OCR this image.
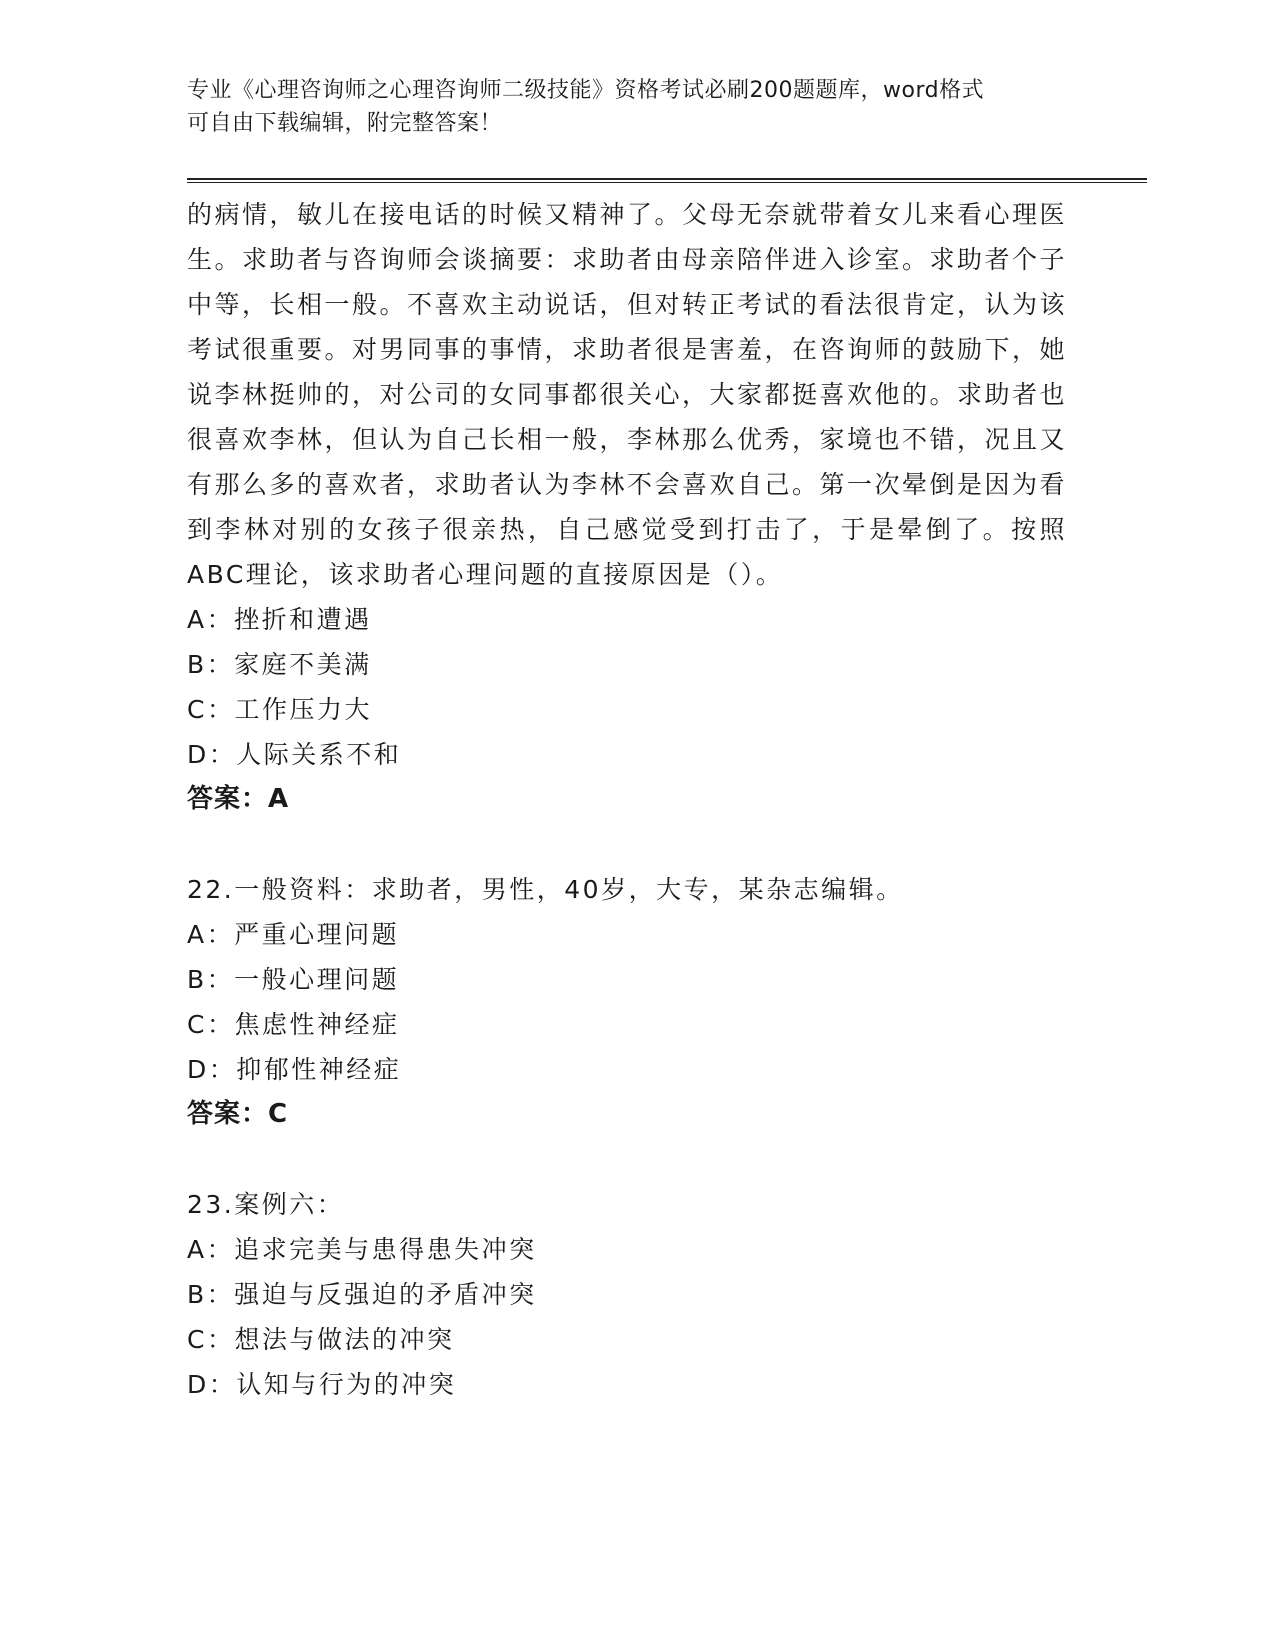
专业《心理咨询师之心理咨询师二级技能》资格考试必刷200题题库，word格式
可自由下载编辑，附完整答案！

的病情，敏儿在接电话的时候又精神了。父母无奈就带着女儿来看心理医生。求助者与咨询师会谈摘要：求助者由母亲陪伴进入诊室。求助者个子中等，长相一般。不喜欢主动说话，但对转正考试的看法很肯定，认为该考试很重要。对男同事的事情，求助者很是害羞，在咨询师的鼓励下，她说李林挺帅的，对公司的女同事都很关心，大家都挺喜欢他的。求助者也很喜欢李林，但认为自己长相一般，李林那么优秀，家境也不错，况且又有那么多的喜欢者，求助者认为李林不会喜欢自己。第一次晕倒是因为看到李林对别的女孩子很亲热，自己感觉受到打击了，于是晕倒了。按照ABC理论，该求助者心理问题的直接原因是（）。

A：挫折和遭遇

B：家庭不美满

C：工作压力大

D：人际关系不和

答案：A

22.一般资料：求助者，男性，40岁，大专，某杂志编辑。

A：严重心理问题

B：一般心理问题

C：焦虑性神经症

D：抑郁性神经症

答案：C

23.案例六：

A：追求完美与患得患失冲突

B：强迫与反强迫的矛盾冲突

C：想法与做法的冲突

D：认知与行为的冲突
